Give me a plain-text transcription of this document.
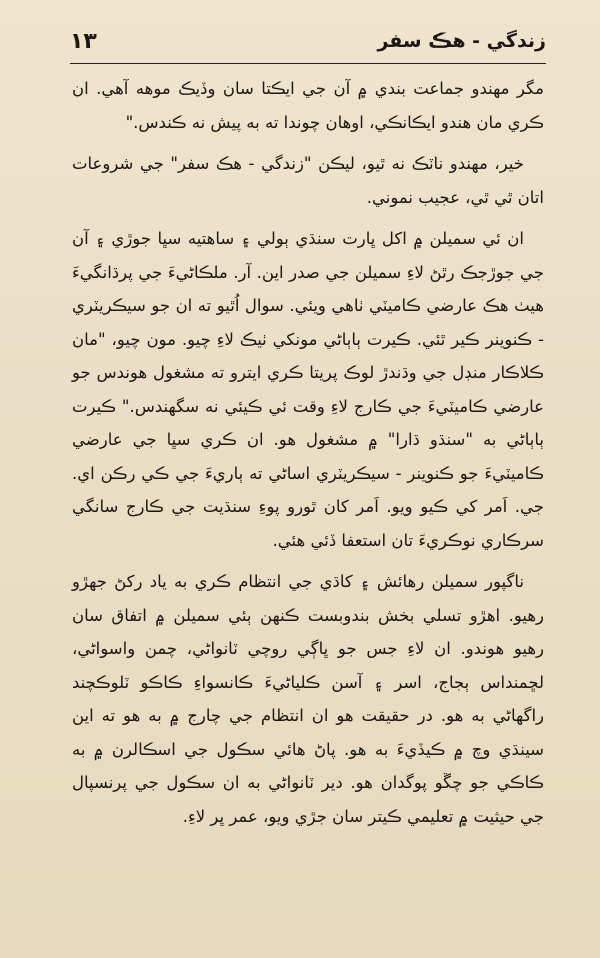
زندگي - هڪ سفر
١٣

مگر مهندو جماعت بندي ۾ آن جي ايڪتا سان وڏيڪ موهه آهي. ان ڪري مان هندو ايڪانڪي، اوهان چوندا ته به پيش نه ڪندس."

خير، مهندو ناٽڪ نه ٿيو، ليڪن "زندگي - هڪ سفر" جي شروعات اتان ٿي ٿي، عجيب نموني.

ان ئي سميلن ۾ اکل ڀارت سنڌي ٻولي ۽ ساهتيه سڀا جوڙي ۽ آن جي جوڙجڪ رٿڻ لاءِ سميلن جي صدر اين. آر. ملڪاڻيءَ جي پرڌانگيءَ هيٺ هڪ عارضي ڪاميٽي ٺاهي ويئي. سوال اُٿيو ته ان جو سيڪريٽري - ڪنوينر ڪير ٿئي. ڪيرت ٻاٻاڻي مونکي ٺيڪ لاءِ چيو. مون چيو، "مان ڪلاڪار منڊل جي وڌندڙ لوڪ پريتا ڪري ايترو ته مشغول هوندس جو عارضي ڪاميٽيءَ جي ڪارج لاءِ وقت ئي ڪيئي نه سگهندس." ڪيرت ٻاٻاڻي به "سنڌو ڌارا" ۾ مشغول هو. ان ڪري سڀا جي عارضي ڪاميٽيءَ جو ڪنوينر - سيڪريٽري اساڻي ته ٻاريءَ جي ڪي رڪن اي. جي. اَمر کي ڪيو ويو. اَمر کان ٿورو پوءِ سنڌيت جي ڪارج سانگي سرڪاري نوڪريءَ تان استعفا ڏئي هئي.

ناگپور سميلن رهائش ۽ کاڌي جي انتظام ڪري به ياد رکڻ جهڙو رهيو. اهڙو تسلي بخش بندوبست ڪنهن ٻئي سميلن ۾ اتفاق سان رهيو هوندو. ان لاءِ جس جو ڀاڳي روچي ٽانواڻي، چمن واسواڻي، لڇمنداس ٻجاج، اسر ۽ آسن ڪلياڻيءَ ڪانسواءِ ڪاڪو ٽلوڪچند راگهاڻي به هو. در حقيقت هو ان انتظام جي چارج ۾ به هو ته اين سينڌي وچ ۾ ڪيڏيءَ به هو. پاڻ هائي سڪول جي اسڪالرن ۾ به ڪاڪي جو چڱو پوگدان هو. دير ٽانواڻي به ان سڪول جي پرنسپال جي حيثيت ۾ تعليمي ڪيتر سان جڙي ويو، عمر ڀر لاءِ.
